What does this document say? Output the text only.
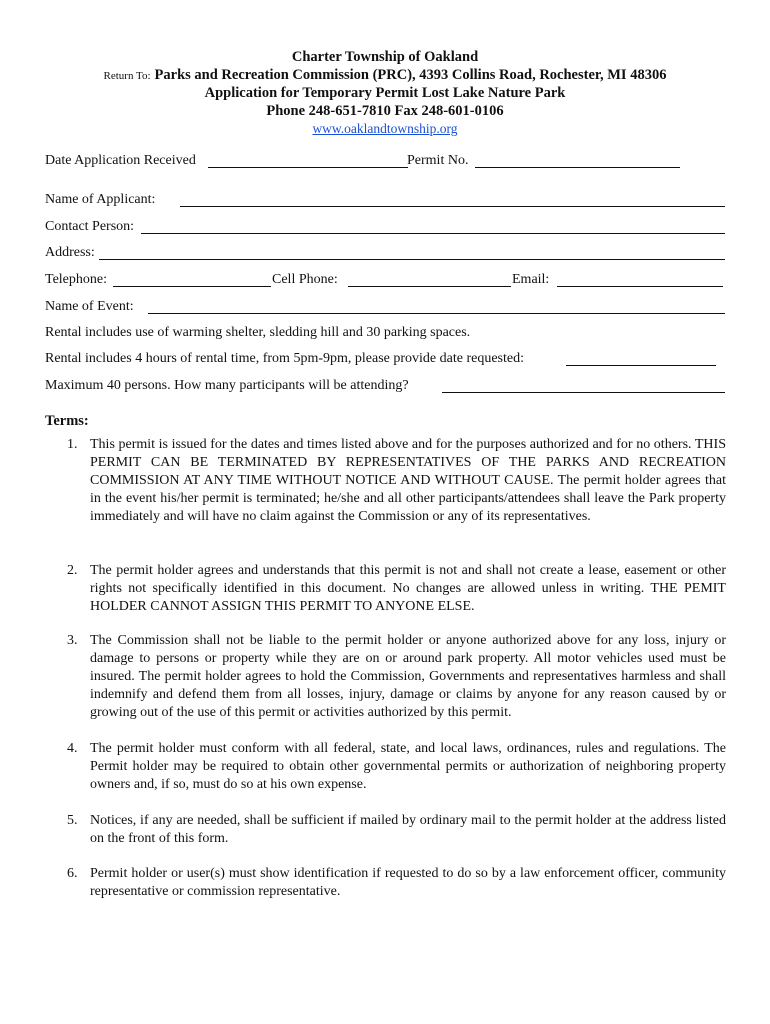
Charter Township of Oakland
Return To: Parks and Recreation Commission (PRC), 4393 Collins Road, Rochester, MI 48306
Application for Temporary Permit Lost Lake Nature Park
Phone 248-651-7810 Fax 248-601-0106
www.oaklandtownship.org
Date Application Received	Permit No.
Name of Applicant:
Contact Person:
Address:
Telephone:	Cell Phone:	Email:
Name of Event:
Rental includes use of warming shelter, sledding hill and 30 parking spaces.
Rental includes 4 hours of rental time, from 5pm-9pm, please provide date requested:
Maximum 40 persons. How many participants will be attending?
Terms:
1. This permit is issued for the dates and times listed above and for the purposes authorized and for no others. THIS PERMIT CAN BE TERMINATED BY REPRESENTATIVES OF THE PARKS AND RECREATION COMMISSION AT ANY TIME WITHOUT NOTICE AND WITHOUT CAUSE. The permit holder agrees that in the event his/her permit is terminated; he/she and all other participants/attendees shall leave the Park property immediately and will have no claim against the Commission or any of its representatives.
2. The permit holder agrees and understands that this permit is not and shall not create a lease, easement or other rights not specifically identified in this document. No changes are allowed unless in writing. THE PEMIT HOLDER CANNOT ASSIGN THIS PERMIT TO ANYONE ELSE.
3. The Commission shall not be liable to the permit holder or anyone authorized above for any loss, injury or damage to persons or property while they are on or around park property. All motor vehicles used must be insured. The permit holder agrees to hold the Commission, Governments and representatives harmless and shall indemnify and defend them from all losses, injury, damage or claims by anyone for any reason caused by or growing out of the use of this permit or activities authorized by this permit.
4. The permit holder must conform with all federal, state, and local laws, ordinances, rules and regulations. The Permit holder may be required to obtain other governmental permits or authorization of neighboring property owners and, if so, must do so at his own expense.
5. Notices, if any are needed, shall be sufficient if mailed by ordinary mail to the permit holder at the address listed on the front of this form.
6. Permit holder or user(s) must show identification if requested to do so by a law enforcement officer, community representative or commission representative.
